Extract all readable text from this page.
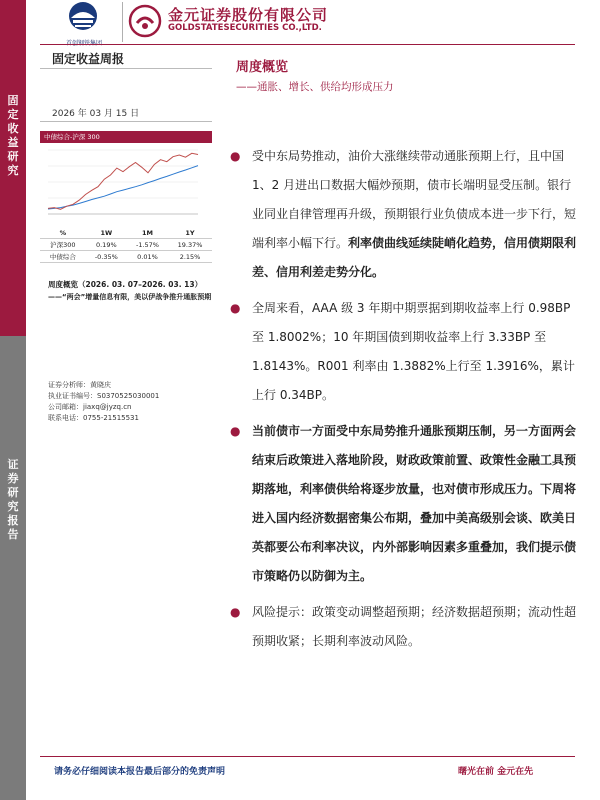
金元证券股份有限公司
GOLDSTATESECURITIES CO.,LTD.
固定收益研究
证券研究报告
固定收益周报
2026 年 03 月 15 日
中债综合-沪深 300
%	1W	1M	1Y
沪深300	0.19%	-1.57%	19.37%
中债综合	-0.35%	0.01%	2.15%
周度概览（2026. 03. 07–2026. 03. 13）
——“两会”增量信息有限，美以伊战争推升通胀预期
证券分析师：黄晓庆
执业证书编号：S0370525030001
公司邮箱：jiaxq@jyzq.cn
联系电话：0755-21515531
周度概览
——通胀、增长、供给均形成压力
● 受中东局势推动，油价大涨继续带动通胀预期上行，且中国 1、2 月进出口数据大幅炒预期，债市长端明显受压制。银行业同业自律管理再升级，预期银行业负债成本进一步下行，短端利率小幅下行。利率债曲线延续陡峭化趋势，信用债期限利差、信用利差走势分化。
● 全周来看，AAA 级 3 年期中期票据到期收益率上行 0.98BP 至 1.8002%；10 年期国债到期收益率上行 3.33BP 至 1.8143%。R001 利率由 1.3882%上行至 1.3916%，累计上行 0.34BP。
● 当前债市一方面受中东局势推升通胀预期压制，另一方面两会结束后政策进入落地阶段，财政政策前置、政策性金融工具预期落地，利率债供给将逐步放量，也对债市形成压力。下周将进入国内经济数据密集公布期，叠加中美高级别会谈、欧美日英都要公布利率决议，内外部影响因素多重叠加，我们提示债市策略仍以防御为主。
● 风险提示：政策变动调整超预期；经济数据超预期；流动性超预期收紧；长期利率波动风险。
请务必仔细阅读本报告最后部分的免责声明	曙光在前 金元在先
